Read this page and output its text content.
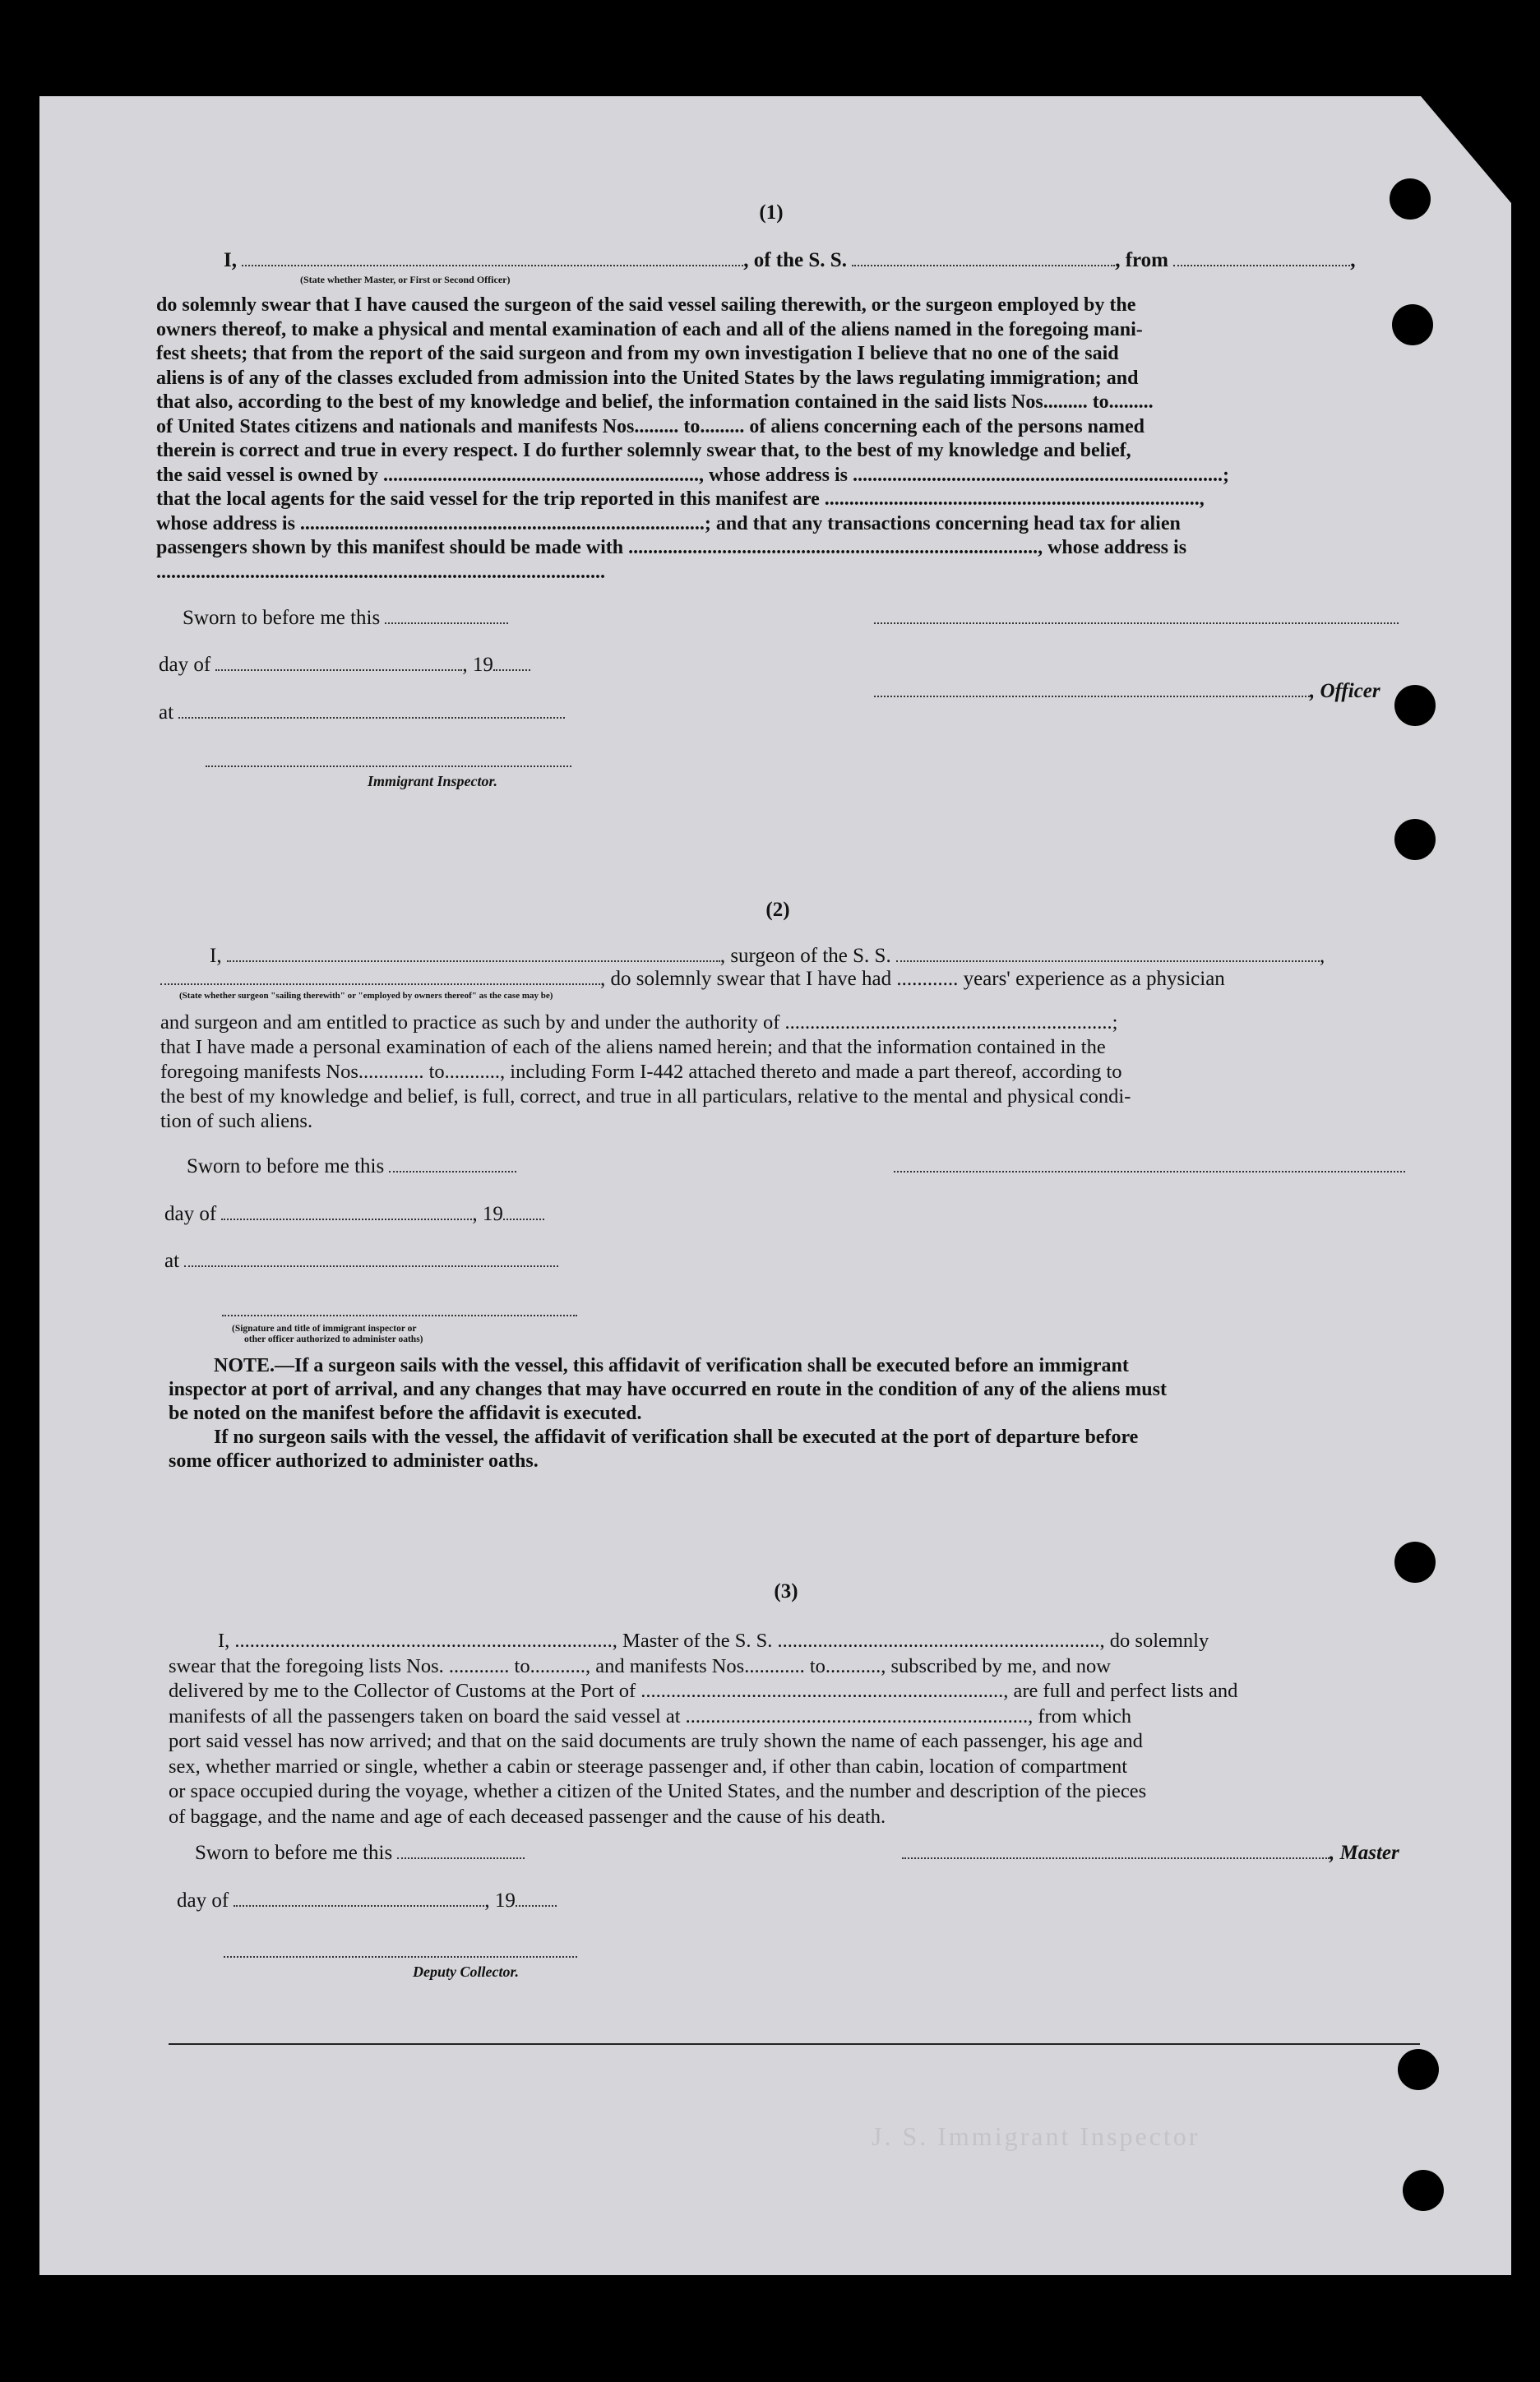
(1)
I,	, of the S. S.	, from	,
(State whether Master, or First or Second Officer)
do solemnly swear that I have caused the surgeon of the said vessel sailing therewith, or the surgeon employed by the
owners thereof, to make a physical and mental examination of each and all of the aliens named in the foregoing mani-
fest sheets; that from the report of the said surgeon and from my own investigation I believe that no one of the said
aliens is of any of the classes excluded from admission into the United States by the laws regulating immigration; and
that also, according to the best of my knowledge and belief, the information contained in the said lists Nos......... to.........
of United States citizens and nationals and manifests Nos......... to......... of aliens concerning each of the persons named
therein is correct and true in every respect. I do further solemnly swear that, to the best of my knowledge and belief,
the said vessel is owned by ................................................................, whose address is ...........................................................................;
that the local agents for the said vessel for the trip reported in this manifest are ............................................................................,
whose address is ..................................................................................; and that any transactions concerning head tax for alien
passengers shown by this manifest should be made with ..................................................................................., whose address is
...........................................................................................
Sworn to before me this
day of	, 19
, Officer
at
Immigrant Inspector.
(2)
I,	, surgeon of the S. S.	,
, do solemnly swear that I have had ............ years' experience as a physician
(State whether surgeon "sailing therewith" or "employed by owners thereof" as the case may be)
and surgeon and am entitled to practice as such by and under the authority of .................................................................;
that I have made a personal examination of each of the aliens named herein; and that the information contained in the
foregoing manifests Nos............. to..........., including Form I-442 attached thereto and made a part thereof, according to
the best of my knowledge and belief, is full, correct, and true in all particulars, relative to the mental and physical condi-
tion of such aliens.
Sworn to before me this
day of	, 19
at
(Signature and title of immigrant inspector or
other officer authorized to administer oaths)
NOTE.—If a surgeon sails with the vessel, this affidavit of verification shall be executed before an immigrant
inspector at port of arrival, and any changes that may have occurred en route in the condition of any of the aliens must
be noted on the manifest before the affidavit is executed.
If no surgeon sails with the vessel, the affidavit of verification shall be executed at the port of departure before
some officer authorized to administer oaths.
(3)
I, ..........................................................................., Master of the S. S. ................................................................, do solemnly
swear that the foregoing lists Nos. ............ to..........., and manifests Nos............ to..........., subscribed by me, and now
delivered by me to the Collector of Customs at the Port of ........................................................................, are full and perfect lists and
manifests of all the passengers taken on board the said vessel at ...................................................................., from which
port said vessel has now arrived; and that on the said documents are truly shown the name of each passenger, his age and
sex, whether married or single, whether a cabin or steerage passenger and, if other than cabin, location of compartment
or space occupied during the voyage, whether a citizen of the United States, and the number and description of the pieces
of baggage, and the name and age of each deceased passenger and the cause of his death.
Sworn to before me this	, Master
day of	, 19
Deputy Collector.
J. S. Immigrant Inspector
